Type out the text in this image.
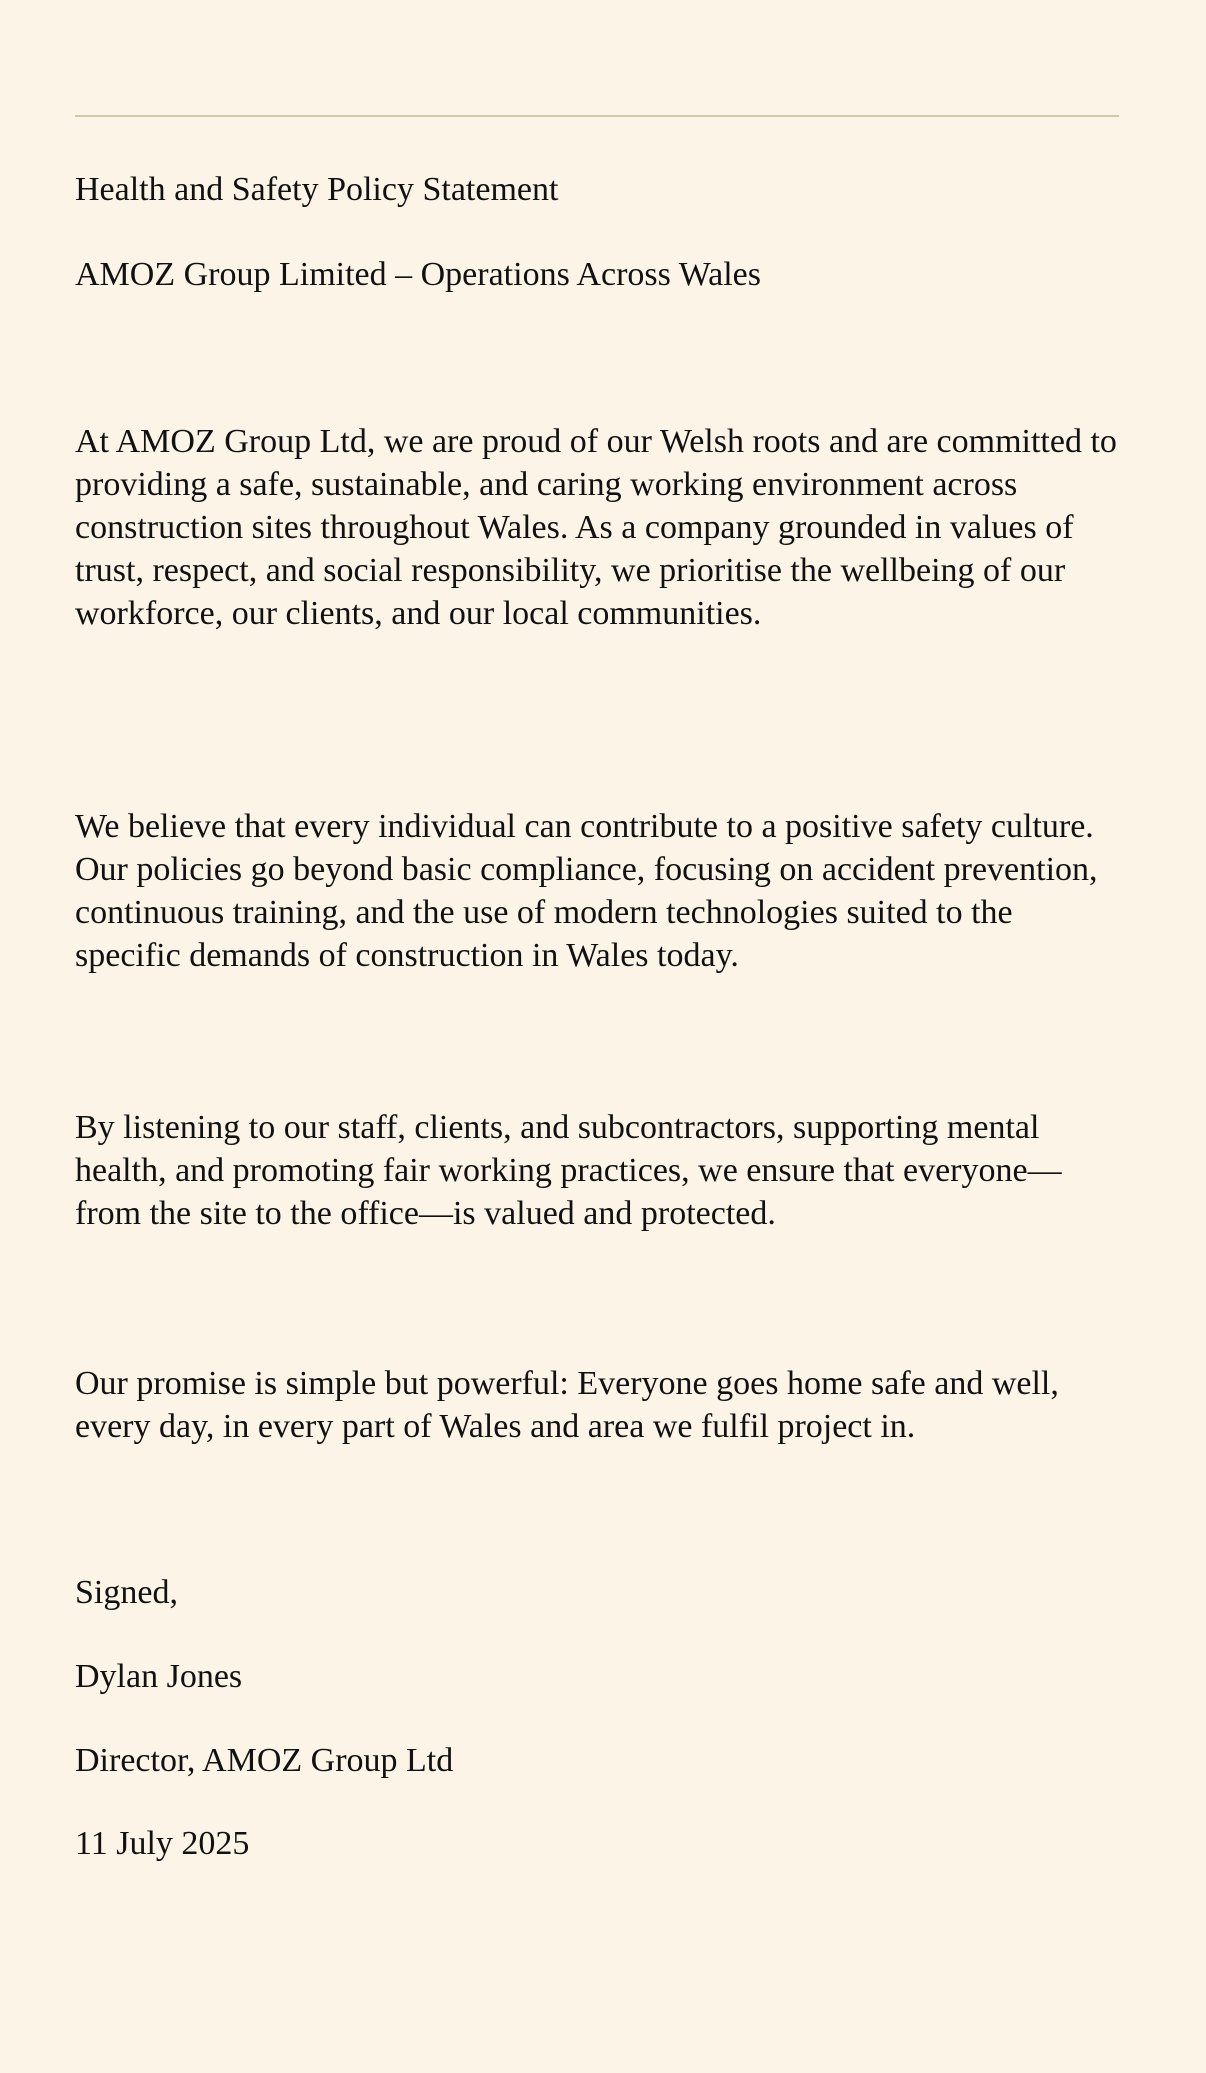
Health and Safety Policy Statement

AMOZ Group Limited – Operations Across Wales

At AMOZ Group Ltd, we are proud of our Welsh roots and are committed to providing a safe, sustainable, and caring working environment across construction sites throughout Wales. As a company grounded in values of trust, respect, and social responsibility, we prioritise the wellbeing of our workforce, our clients, and our local communities.

We believe that every individual can contribute to a positive safety culture. Our policies go beyond basic compliance, focusing on accident prevention, continuous training, and the use of modern technologies suited to the specific demands of construction in Wales today.

By listening to our staff, clients, and subcontractors, supporting mental health, and promoting fair working practices, we ensure that everyone—from the site to the office—is valued and protected.

Our promise is simple but powerful: Everyone goes home safe and well, every day, in every part of Wales and area we fulfil project in.

Signed,

Dylan Jones

Director, AMOZ Group Ltd

11 July 2025
